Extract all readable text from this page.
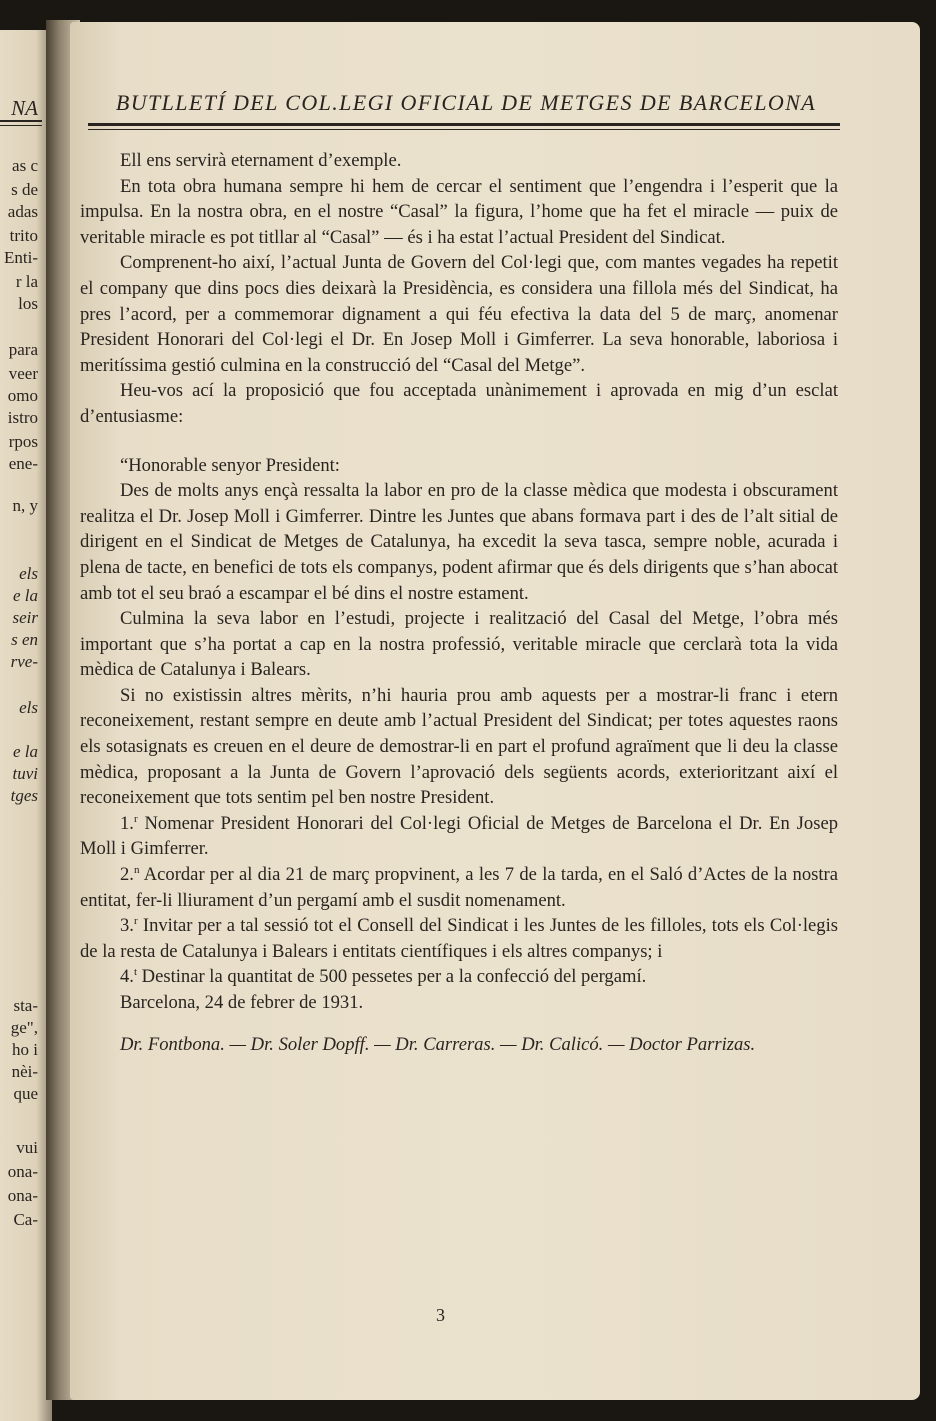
NA
as c
s de
adas
trito
Enti-
r la
los
para
veer
omo
istro
rpos
ene-
n, y
els
e la
seir
s en
rve-
els
e la
tuvi
tges
sta-
ge",
ho i
nèi-
que
vui
ona-
ona-
Ca-
BUTLLETÍ DEL COL.LEGI OFICIAL DE METGES DE BARCELONA

Ell ens servirà eternament d’exemple.

En tota obra humana sempre hi hem de cercar el sentiment que l’engendra i l’esperit que la impulsa. En la nostra obra, en el nostre “Casal” la figura, l’home que ha fet el miracle — puix de veritable miracle es pot titllar al “Casal” — és i ha estat l’actual President del Sindicat.

Comprenent-ho així, l’actual Junta de Govern del Col·legi que, com mantes vegades ha repetit el company que dins pocs dies deixarà la Presidència, es considera una fillola més del Sindicat, ha pres l’acord, per a commemorar dignament a qui féu efectiva la data del 5 de març, anomenar President Honorari del Col·legi el Dr. En Josep Moll i Gimferrer. La seva honorable, laboriosa i meritíssima gestió culmina en la construcció del “Casal del Metge”.

Heu-vos ací la proposició que fou acceptada unànimement i aprovada en mig d’un esclat d’entusiasme:

“Honorable senyor President:

Des de molts anys ençà ressalta la labor en pro de la classe mèdica que modesta i obscurament realitza el Dr. Josep Moll i Gimferrer. Dintre les Juntes que abans formava part i des de l’alt sitial de dirigent en el Sindicat de Metges de Catalunya, ha excedit la seva tasca, sempre noble, acurada i plena de tacte, en benefici de tots els companys, podent afirmar que és dels dirigents que s’han abocat amb tot el seu braó a escampar el bé dins el nostre estament.

Culmina la seva labor en l’estudi, projecte i realització del Casal del Metge, l’obra més important que s’ha portat a cap en la nostra professió, veritable miracle que cerclarà tota la vida mèdica de Catalunya i Balears.

Si no existissin altres mèrits, n’hi hauria prou amb aquests per a mostrar-li franc i etern reconeixement, restant sempre en deute amb l’actual President del Sindicat; per totes aquestes raons els sotasignats es creuen en el deure de demostrar-li en part el profund agraïment que li deu la classe mèdica, proposant a la Junta de Govern l’aprovació dels següents acords, exterioritzant així el reconeixement que tots sentim pel ben nostre President.

1.$^r$ Nomenar President Honorari del Col·legi Oficial de Metges de Barcelona el Dr. En Josep Moll i Gimferrer.

2.$^n$ Acordar per al dia 21 de març propvinent, a les 7 de la tarda, en el Saló d’Actes de la nostra entitat, fer-li lliurament d’un pergamí amb el susdit nomenament.

3.$^r$ Invitar per a tal sessió tot el Consell del Sindicat i les Juntes de les filloles, tots els Col·legis de la resta de Catalunya i Balears i entitats científiques i els altres companys; i

4.$^t$ Destinar la quantitat de 500 pessetes per a la confecció del pergamí.

Barcelona, 24 de febrer de 1931.

Dr. Fontbona. — Dr. Soler Dopff. — Dr. Carreras. — Dr. Calicó. — Doctor Parrizas.

3
